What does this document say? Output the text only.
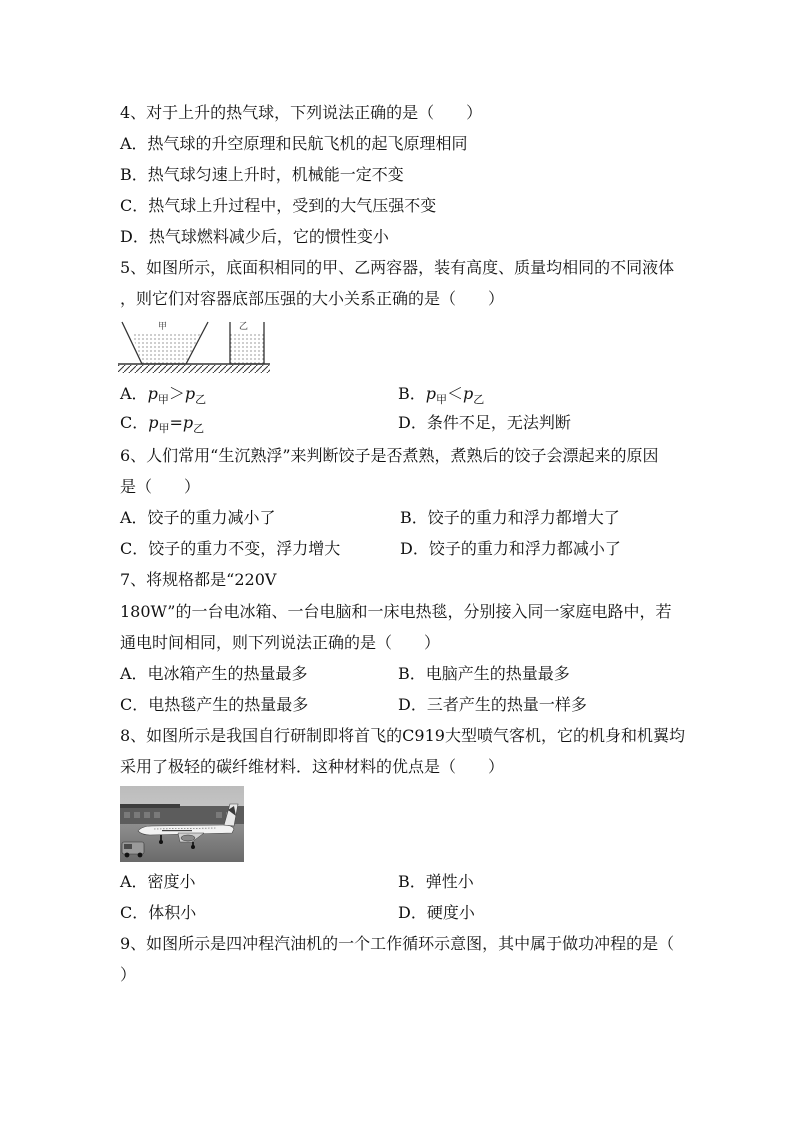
4、对于上升的热气球，下列说法正确的是（　　）
A．热气球的升空原理和民航飞机的起飞原理相同
B．热气球匀速上升时，机械能一定不变
C．热气球上升过程中，受到的大气压强不变
D．热气球燃料减少后，它的惯性变小
5、如图所示，底面积相同的甲、乙两容器，装有高度、质量均相同的不同液体
，则它们对容器底部压强的大小关系正确的是（　　）
甲	乙
A．$p_甲>p_乙$	B．$p_甲<p_乙$
C．$p_甲=p_乙$	D．条件不足，无法判断
6、人们常用“生沉熟浮”来判断饺子是否煮熟，煮熟后的饺子会漂起来的原因
是（　　）
A．饺子的重力减小了	B．饺子的重力和浮力都增大了
C．饺子的重力不变，浮力增大	D．饺子的重力和浮力都减小了
7、将规格都是“220V
180W”的一台电冰箱、一台电脑和一床电热毯，分别接入同一家庭电路中，若
通电时间相同，则下列说法正确的是（　　）
A．电冰箱产生的热量最多	B．电脑产生的热量最多
C．电热毯产生的热量最多	D．三者产生的热量一样多
8、如图所示是我国自行研制即将首飞的C919大型喷气客机，它的机身和机翼均
采用了极轻的碳纤维材料．这种材料的优点是（　　）
A．密度小	B．弹性小
C．体积小	D．硬度小
9、如图所示是四冲程汽油机的一个工作循环示意图，其中属于做功冲程的是（
）
